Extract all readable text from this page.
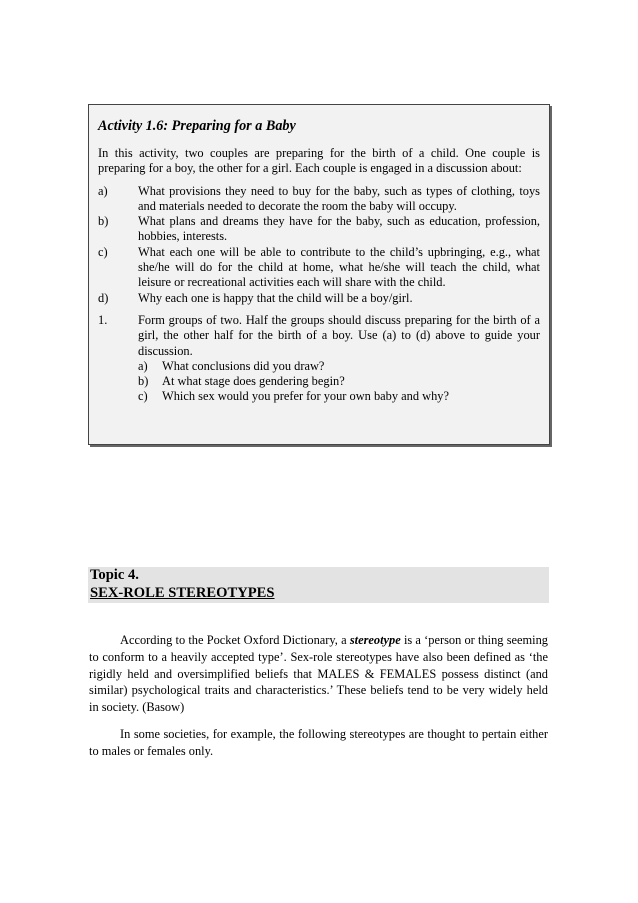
Activity 1.6: Preparing for a Baby

In this activity, two couples are preparing for the birth of a child. One couple is preparing for a boy, the other for a girl. Each couple is engaged in a discussion about:

a)	What provisions they need to buy for the baby, such as types of clothing, toys and materials needed to decorate the room the baby will occupy.
b)	What plans and dreams they have for the baby, such as education, profession, hobbies, interests.
c)	What each one will be able to contribute to the child’s upbringing, e.g., what she/he will do for the child at home, what he/she will teach the child, what leisure or recreational activities each will share with the child.
d)	Why each one is happy that the child will be a boy/girl.
1.	Form groups of two. Half the groups should discuss preparing for the birth of a girl, the other half for the birth of a boy. Use (a) to (d) above to guide your discussion.
a)	What conclusions did you draw?
b)	At what stage does gendering begin?
c)	Which sex would you prefer for your own baby and why?
Topic 4.
SEX-ROLE STEREOTYPES

According to the Pocket Oxford Dictionary, a stereotype is a ‘person or thing seeming to conform to a heavily accepted type’. Sex-role stereotypes have also been defined as ‘the rigidly held and oversimplified beliefs that MALES & FEMALES possess distinct (and similar) psychological traits and characteristics.’ These beliefs tend to be very widely held in society. (Basow)

In some societies, for example, the following stereotypes are thought to pertain either to males or females only.
